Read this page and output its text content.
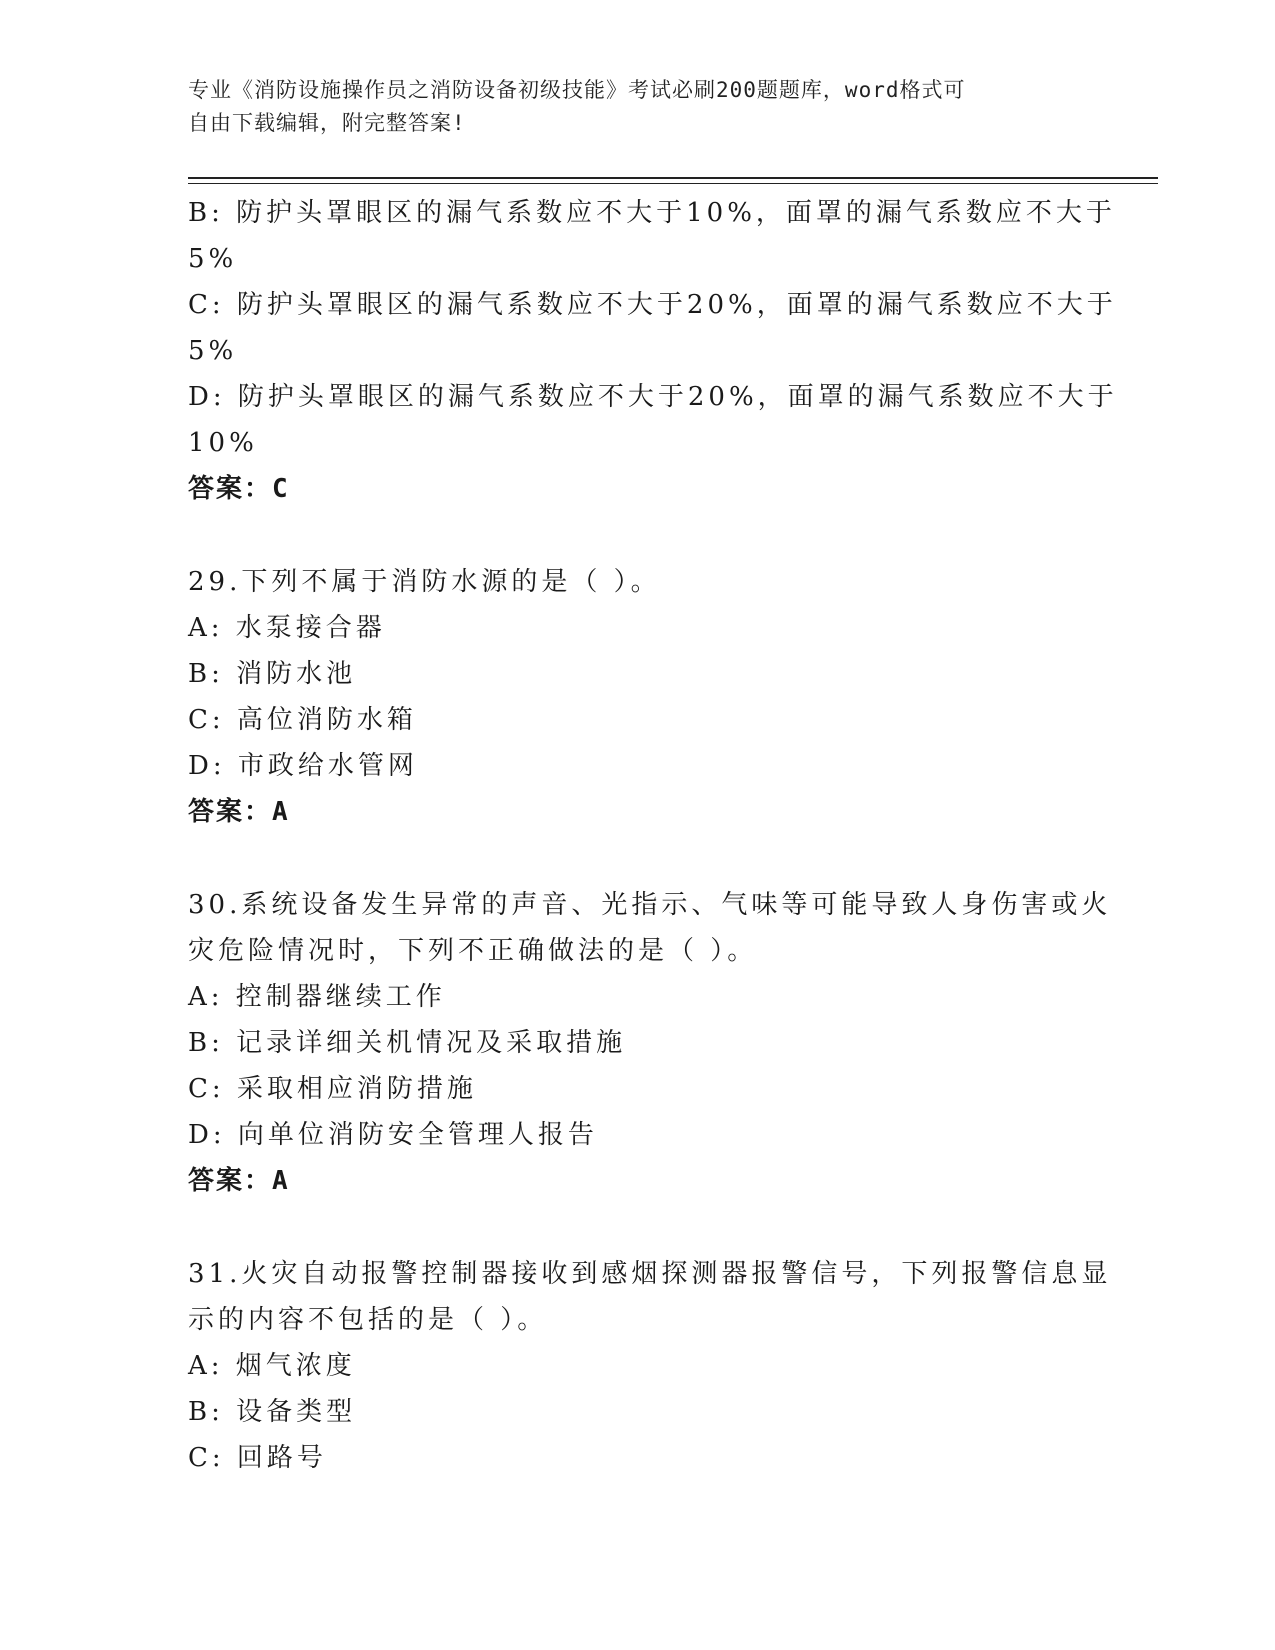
专业《消防设施操作员之消防设备初级技能》考试必刷200题题库，word格式可
自由下载编辑，附完整答案!
B: 防护头罩眼区的漏气系数应不大于10%，面罩的漏气系数应不大于
5%
C: 防护头罩眼区的漏气系数应不大于20%，面罩的漏气系数应不大于
5%
D: 防护头罩眼区的漏气系数应不大于20%，面罩的漏气系数应不大于
10%
答案：C
29.下列不属于消防水源的是（ ）。
A: 水泵接合器
B: 消防水池
C: 高位消防水箱
D: 市政给水管网
答案：A
30.系统设备发生异常的声音、光指示、气味等可能导致人身伤害或火
灾危险情况时，下列不正确做法的是（ ）。
A: 控制器继续工作
B: 记录详细关机情况及采取措施
C: 采取相应消防措施
D: 向单位消防安全管理人报告
答案：A
31.火灾自动报警控制器接收到感烟探测器报警信号，下列报警信息显
示的内容不包括的是（ ）。
A: 烟气浓度
B: 设备类型
C: 回路号
